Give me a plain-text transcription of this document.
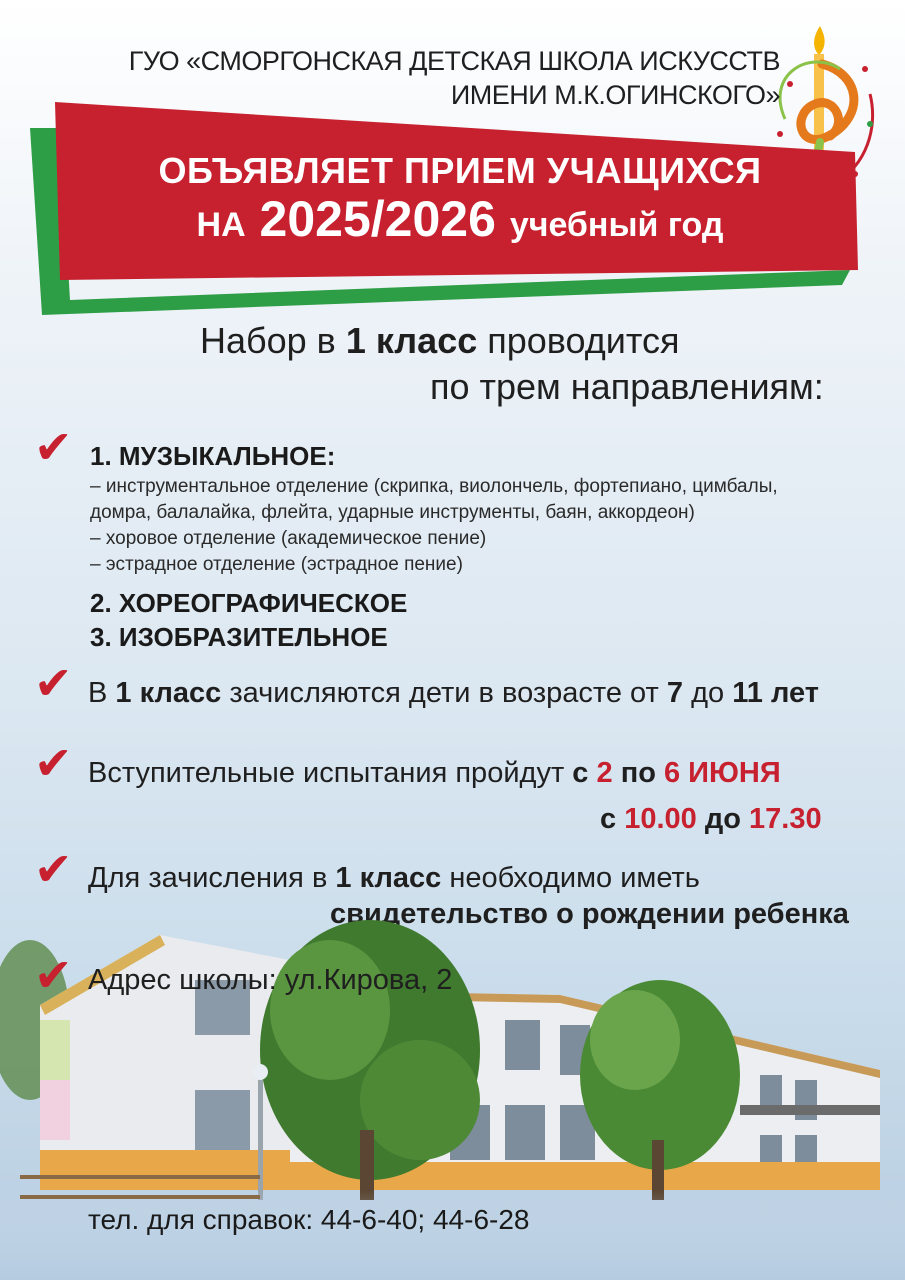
ГУО «СМОРГОНСКАЯ ДЕТСКАЯ ШКОЛА ИСКУССТВ
ИМЕНИ М.К.ОГИНСКОГО»
ОБЪЯВЛЯЕТ ПРИЕМ УЧАЩИХСЯ
НА 2025/2026 учебный год
Набор в 1 класс проводится
по трем направлениям:
✔ 1. МУЗЫКАЛЬНОЕ:
– инструментальное отделение (скрипка, виолончель, фортепиано, цимбалы,
домра, балалайка, флейта, ударные инструменты, баян, аккордеон)
– хоровое отделение (академическое пение)
– эстрадное отделение (эстрадное пение)
2. ХОРЕОГРАФИЧЕСКОЕ
3. ИЗОБРАЗИТЕЛЬНОЕ
✔ В 1 класс зачисляются дети в возрасте от 7 до 11 лет
✔ Вступительные испытания пройдут с 2 по 6 ИЮНЯ
с 10.00 до 17.30
✔ Для зачисления в 1 класс необходимо иметь
свидетельство о рождении ребенка
✔ Адрес школы: ул.Кирова, 2
тел. для справок: 44-6-40; 44-6-28
